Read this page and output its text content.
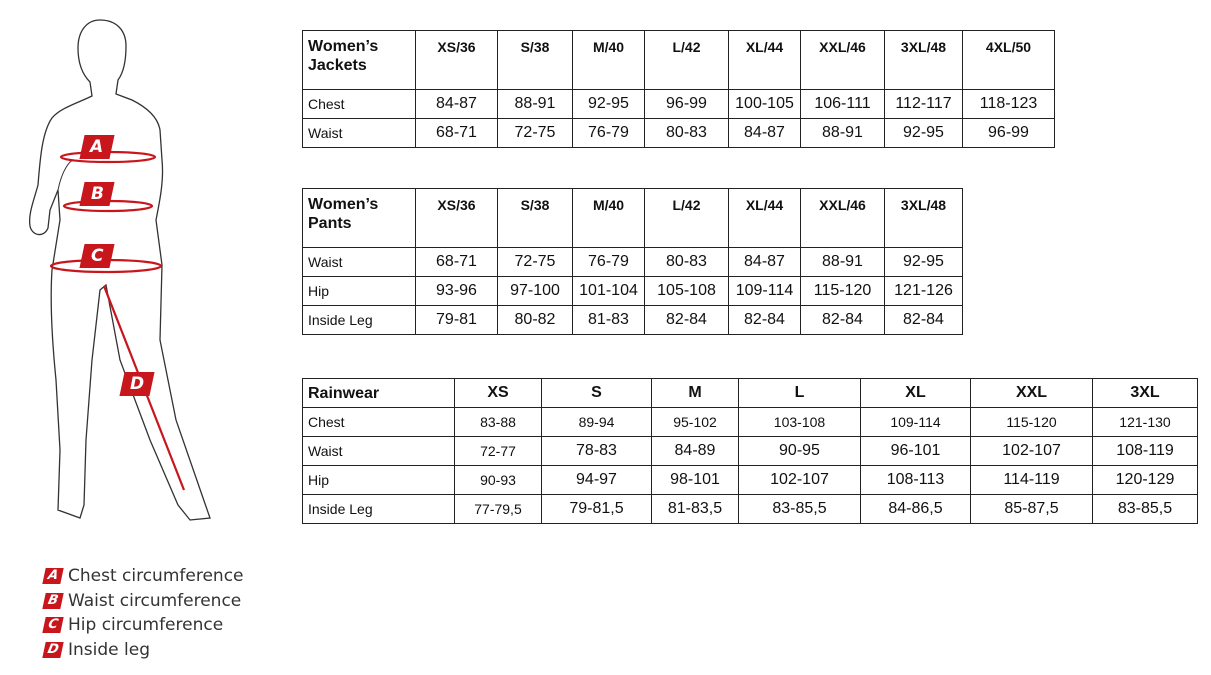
A
B
C
D
Women’s Jackets	XS/36	S/38	M/40	L/42	XL/44	XXL/46	3XL/48	4XL/50
Chest	84-87	88-91	92-95	96-99	100-105	106-111	112-117	118-123
Waist	68-71	72-75	76-79	80-83	84-87	88-91	92-95	96-99
Women’s Pants	XS/36	S/38	M/40	L/42	XL/44	XXL/46	3XL/48
Waist	68-71	72-75	76-79	80-83	84-87	88-91	92-95
Hip	93-96	97-100	101-104	105-108	109-114	115-120	121-126
Inside Leg	79-81	80-82	81-83	82-84	82-84	82-84	82-84
Rainwear	XS	S	M	L	XL	XXL	3XL
Chest	83-88	89-94	95-102	103-108	109-114	115-120	121-130
Waist	72-77	78-83	84-89	90-95	96-101	102-107	108-119
Hip	90-93	94-97	98-101	102-107	108-113	114-119	120-129
Inside Leg	77-79,5	79-81,5	81-83,5	83-85,5	84-86,5	85-87,5	83-85,5
A Chest circumference
B Waist circumference
C Hip circumference
D Inside leg
